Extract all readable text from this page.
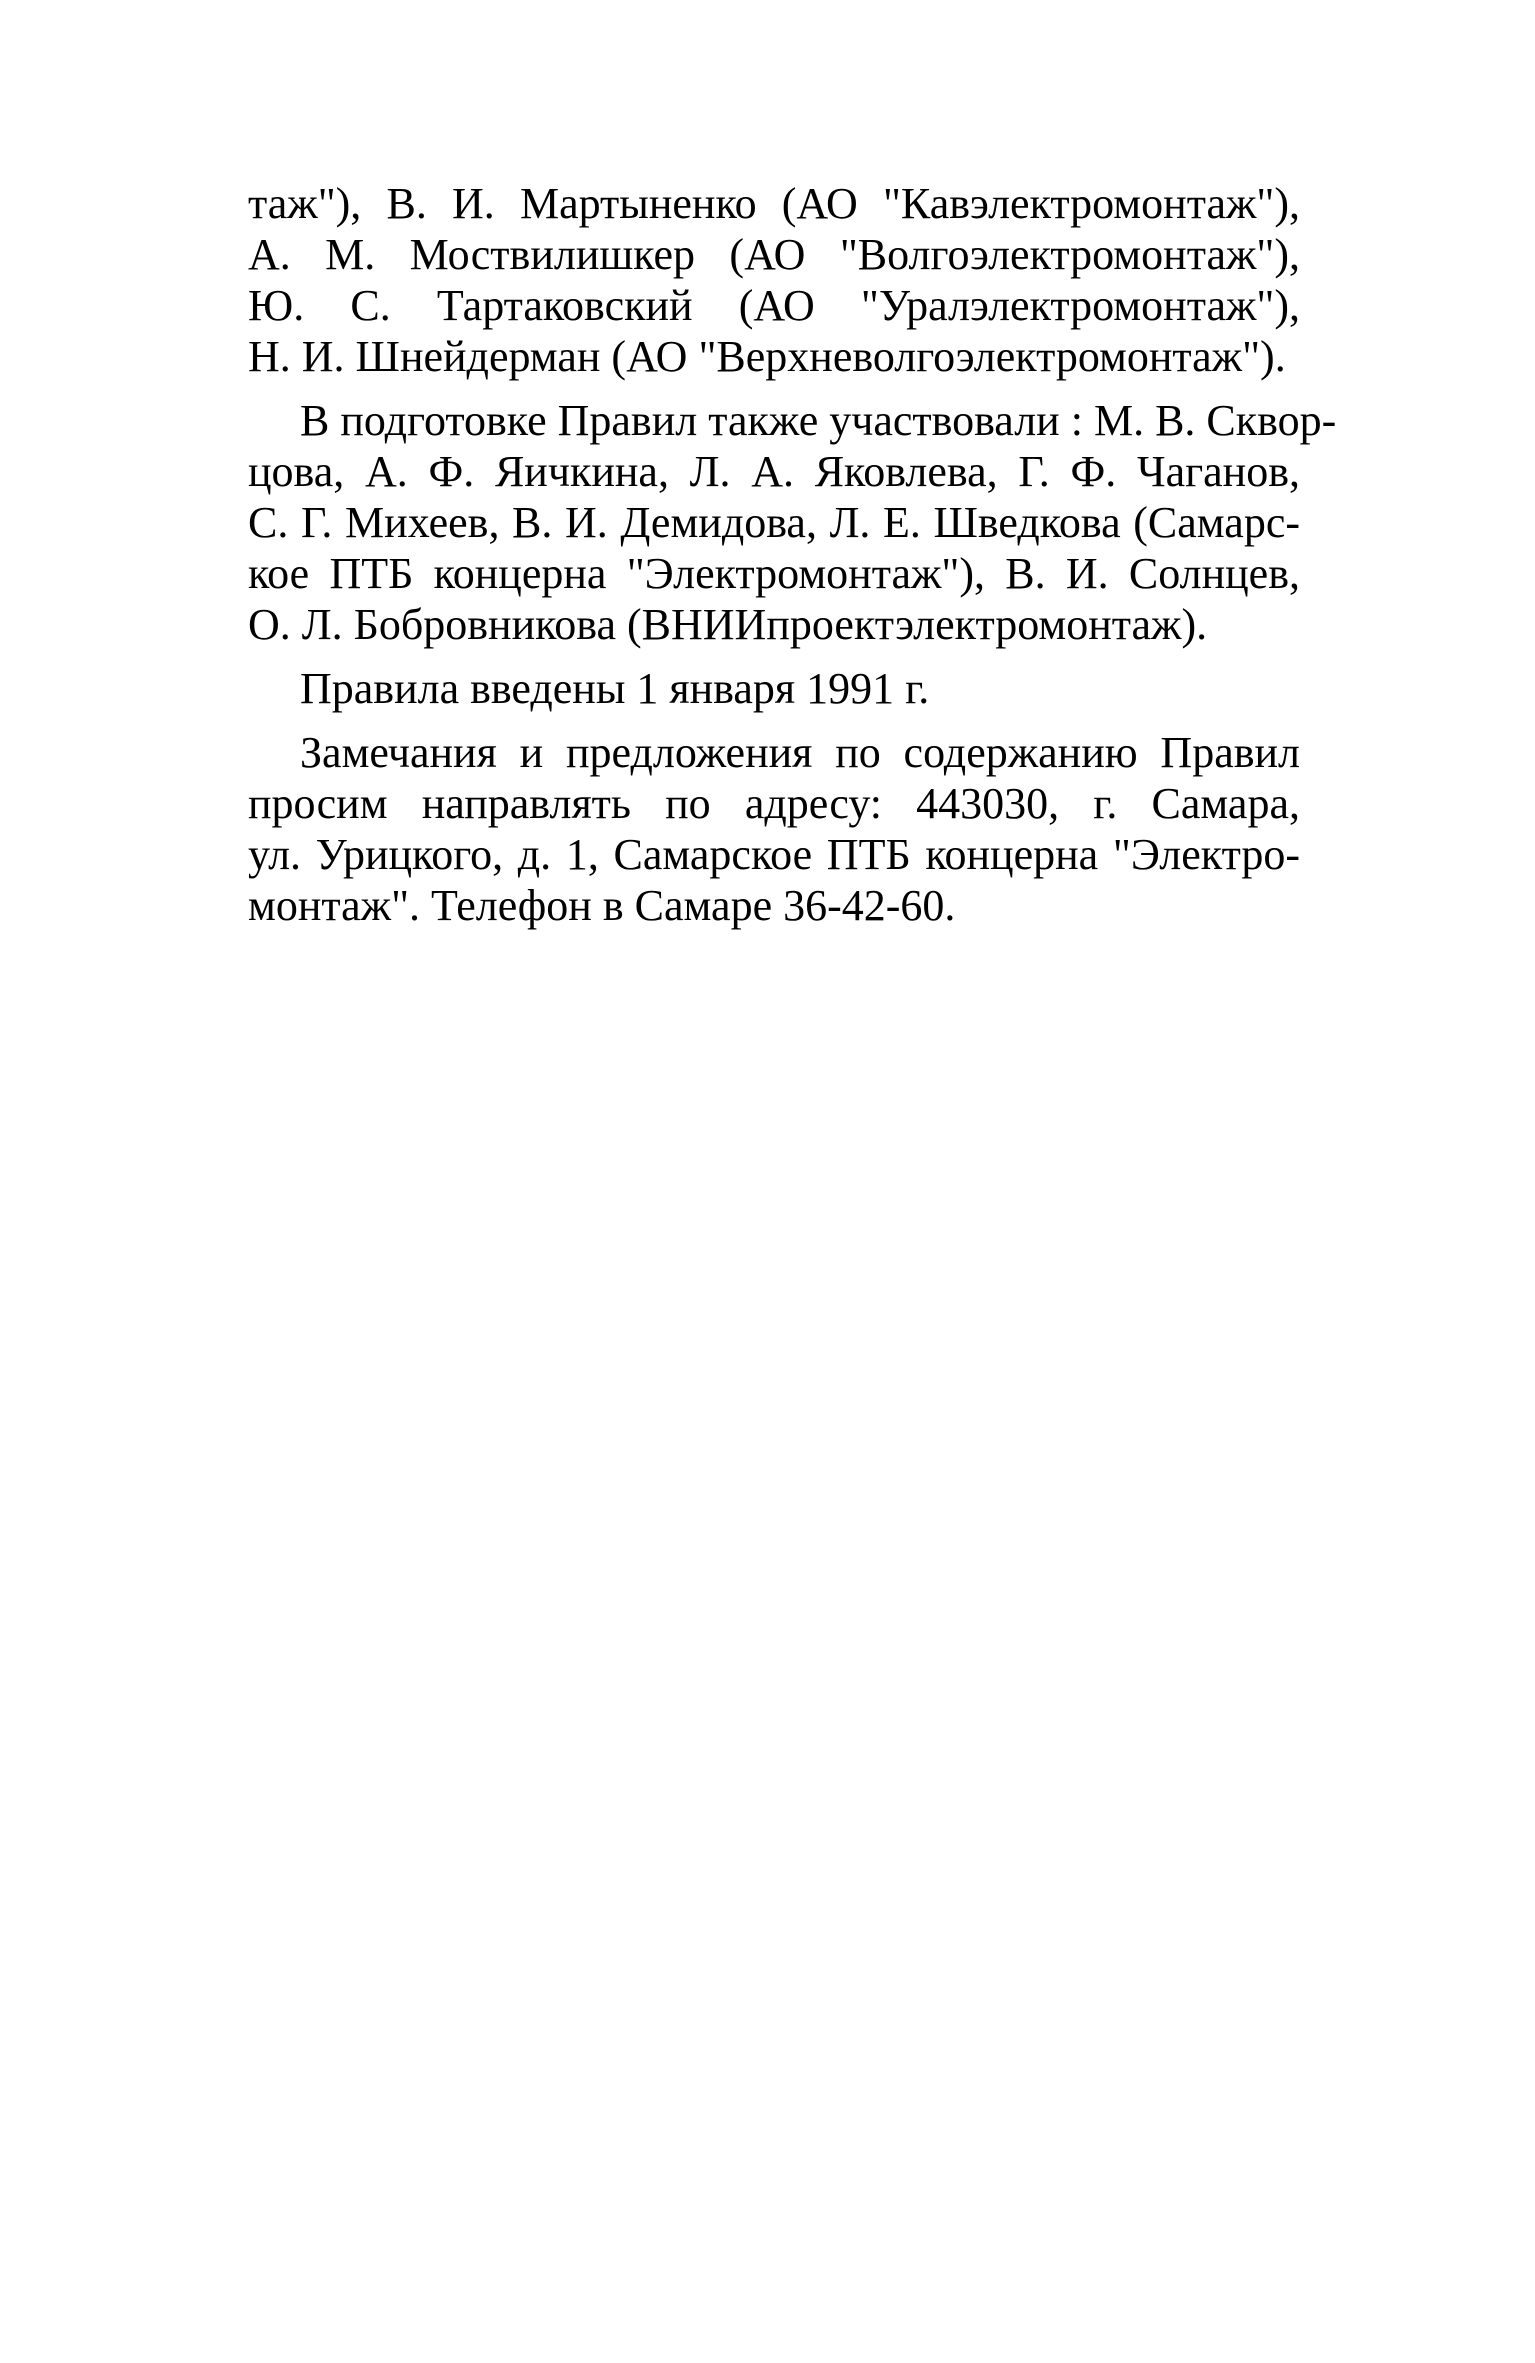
таж"), В. И. Мартыненко (АО "Кавэлектромонтаж"),
А. М. Моствилишкер (АО "Волгоэлектромонтаж"),
Ю. С. Тартаковский (АО "Уралэлектромонтаж"),
Н. И. Шнейдерман (АО "Верхневолгоэлектромонтаж").

В подготовке Правил также участвовали : М. В. Сквор-
цова, А. Ф. Яичкина, Л. А. Яковлева, Г. Ф. Чаганов,
С. Г. Михеев, В. И. Демидова, Л. Е. Шведкова (Самарс-
кое ПТБ концерна "Электромонтаж"), В. И. Солнцев,
О. Л. Бобровникова (ВНИИпроектэлектромонтаж).

Правила введены 1 января 1991 г.

Замечания и предложения по содержанию Правил
просим направлять по адресу: 443030, г. Самара,
ул. Урицкого, д. 1, Самарское ПТБ концерна "Электро-
монтаж". Телефон в Самаре 36-42-60.
